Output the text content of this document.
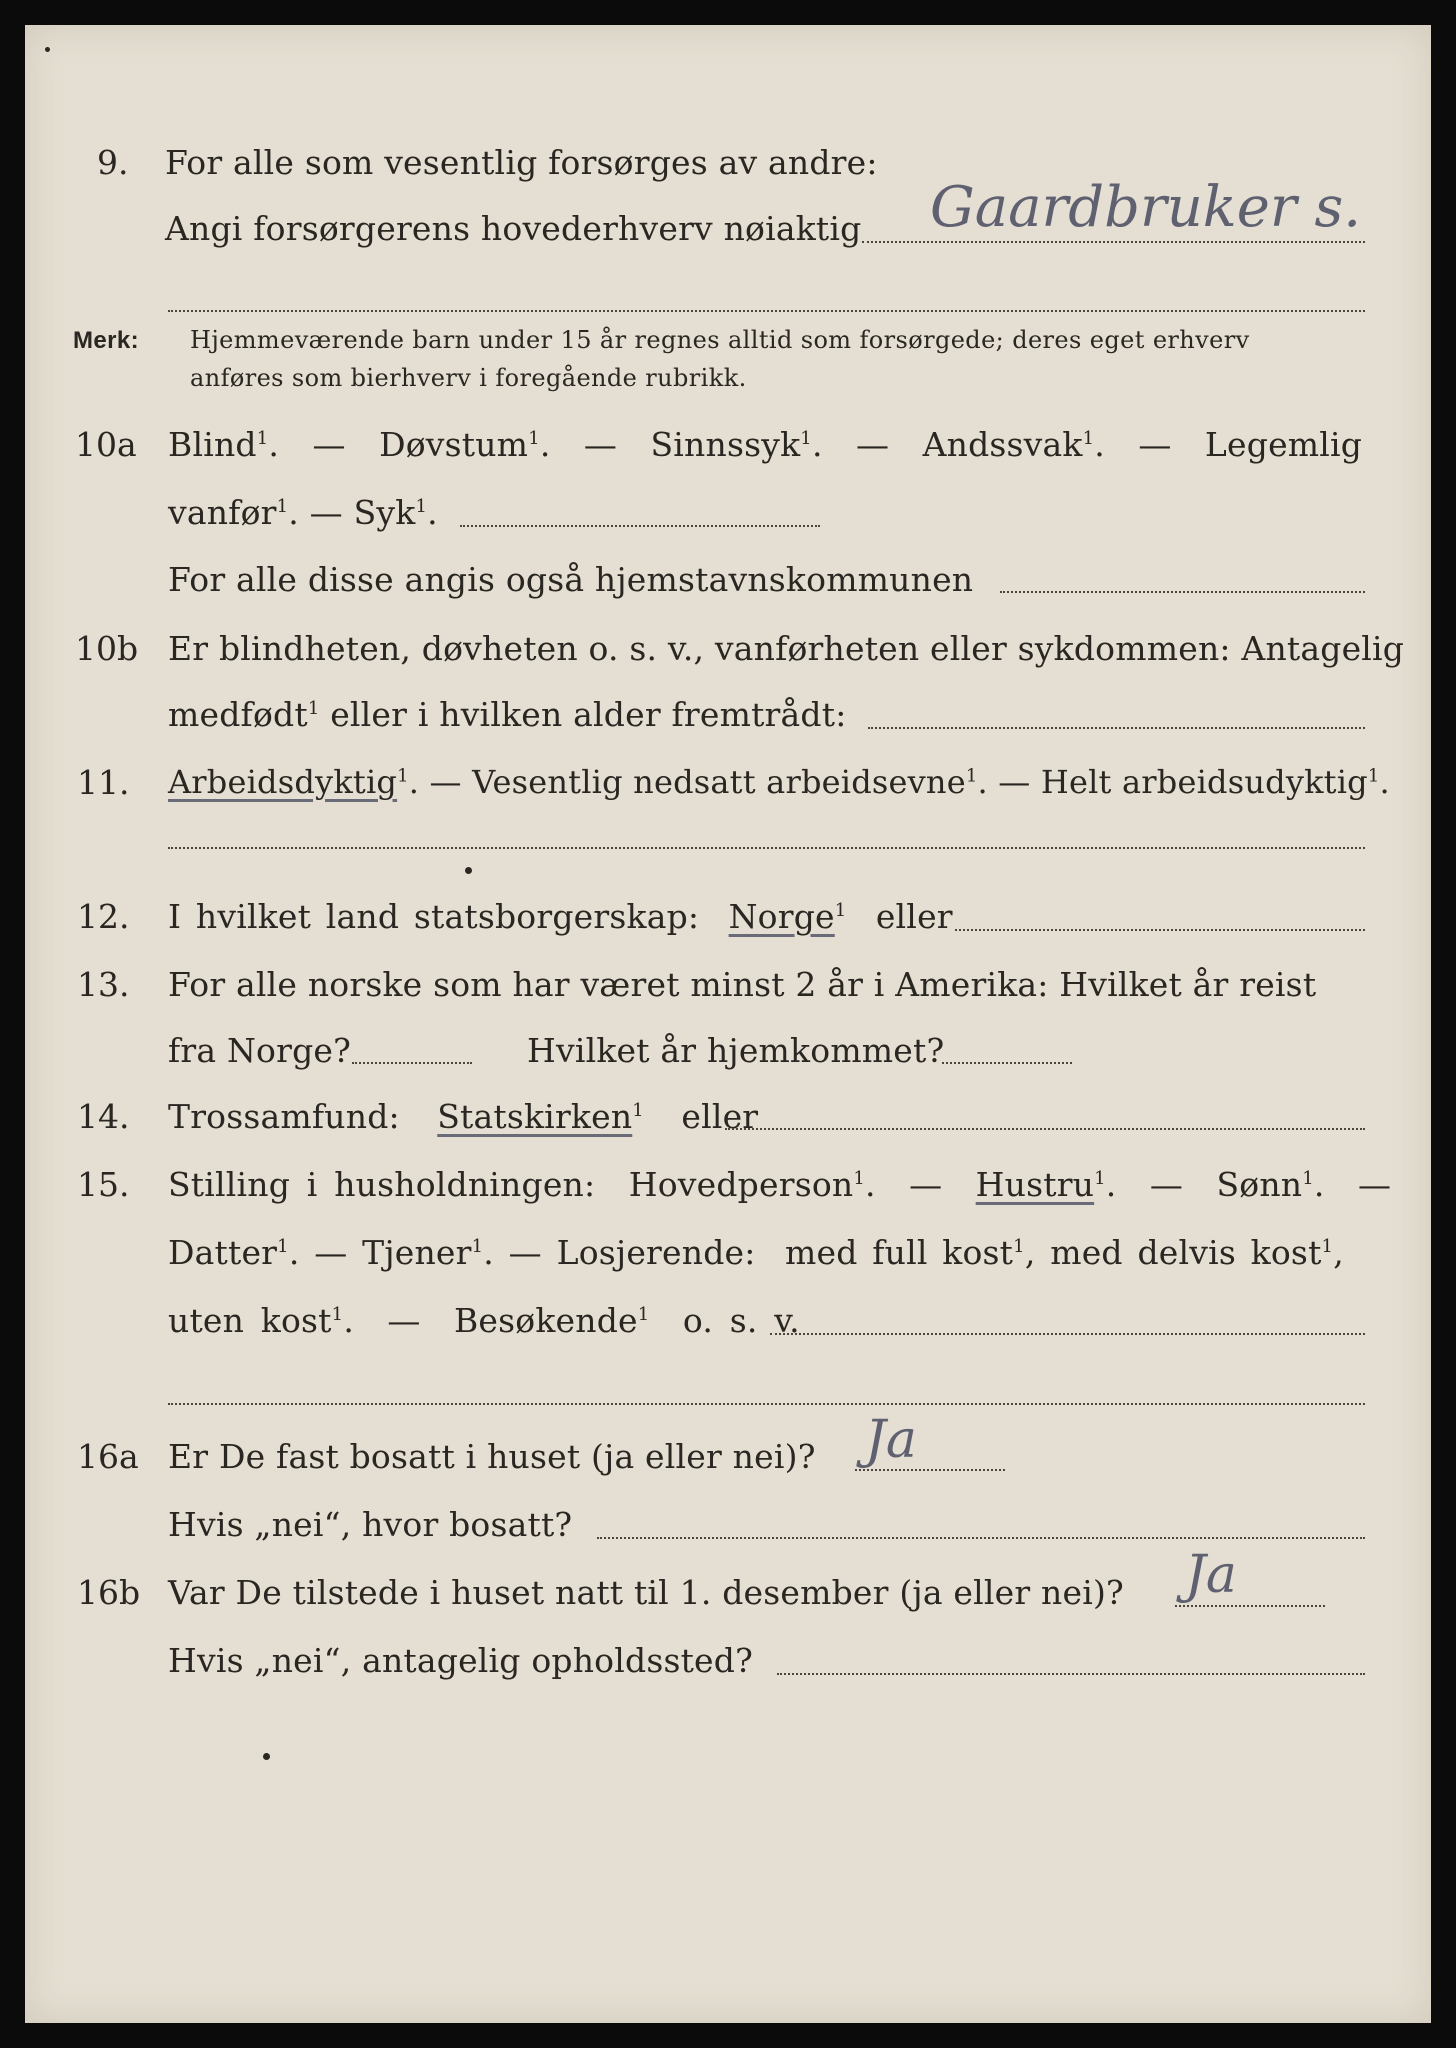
9. For alle som vesentlig forsørges av andre:
Angi forsørgerens hovederhverv nøiaktig Gaardbruker s.
Merk: Hjemmeværende barn under 15 år regnes alltid som forsørgede; deres eget erhverv
anføres som bierhverv i foregående rubrikk.
10a Blind$^1$.  —  Døvstum$^1$.  —  Sinnssyk$^1$.  —  Andssvak$^1$.  —  Legemlig
vanfør$^1$. — Syk$^1$.
For alle disse angis også hjemstavnskommunen
10b Er blindheten, døvheten o. s. v., vanførheten eller sykdommen: Antagelig
medfødt$^1$ eller i hvilken alder fremtrådt:
11. Arbeidsdyktig$^1$. — Vesentlig nedsatt arbeidsevne$^1$. — Helt arbeidsudyktig$^1$.
12. I hvilket land statsborgerskap: Norge$^1$ eller
13. For alle norske som har været minst 2 år i Amerika: Hvilket år reist
fra Norge?	Hvilket år hjemkommet?
14. Trossamfund: Statskirken$^1$ eller
15. Stilling i husholdningen: Hovedperson$^1$.  —  Hustru$^1$.  —  Sønn$^1$.  —
Datter$^1$. — Tjener$^1$. — Losjerende: med full kost$^1$, med delvis kost$^1$,
uten kost$^1$.  —  Besøkende$^1$ o. s. v.
16a Er De fast bosatt i huset (ja eller nei)? Ja
Hvis „nei“, hvor bosatt?
16b Var De tilstede i huset natt til 1. desember (ja eller nei)? Ja
Hvis „nei“, antagelig opholdssted?
